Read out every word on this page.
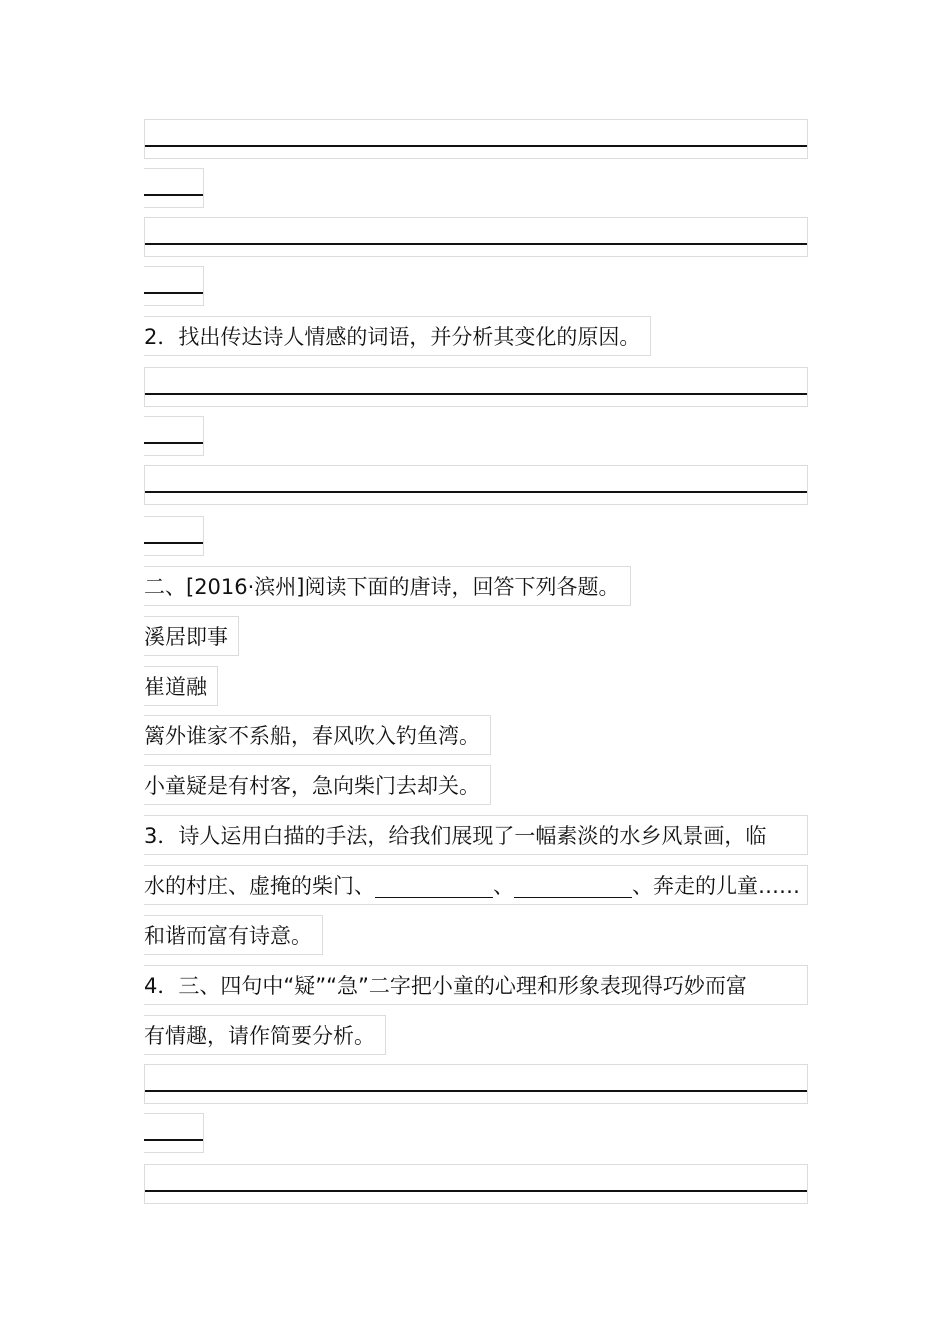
2．找出传达诗人情感的词语，并分析其变化的原因。
二、[2016·滨州]阅读下面的唐诗，回答下列各题。
溪居即事
崔道融
篱外谁家不系船，春风吹入钓鱼湾。
小童疑是有村客，急向柴门去却关。
3．诗人运用白描的手法，给我们展现了一幅素淡的水乡风景画，临
水的村庄、虚掩的柴门、	、	、奔走的儿童……
和谐而富有诗意。
4．三、四句中“疑”“急”二字把小童的心理和形象表现得巧妙而富
有情趣，请作简要分析。
